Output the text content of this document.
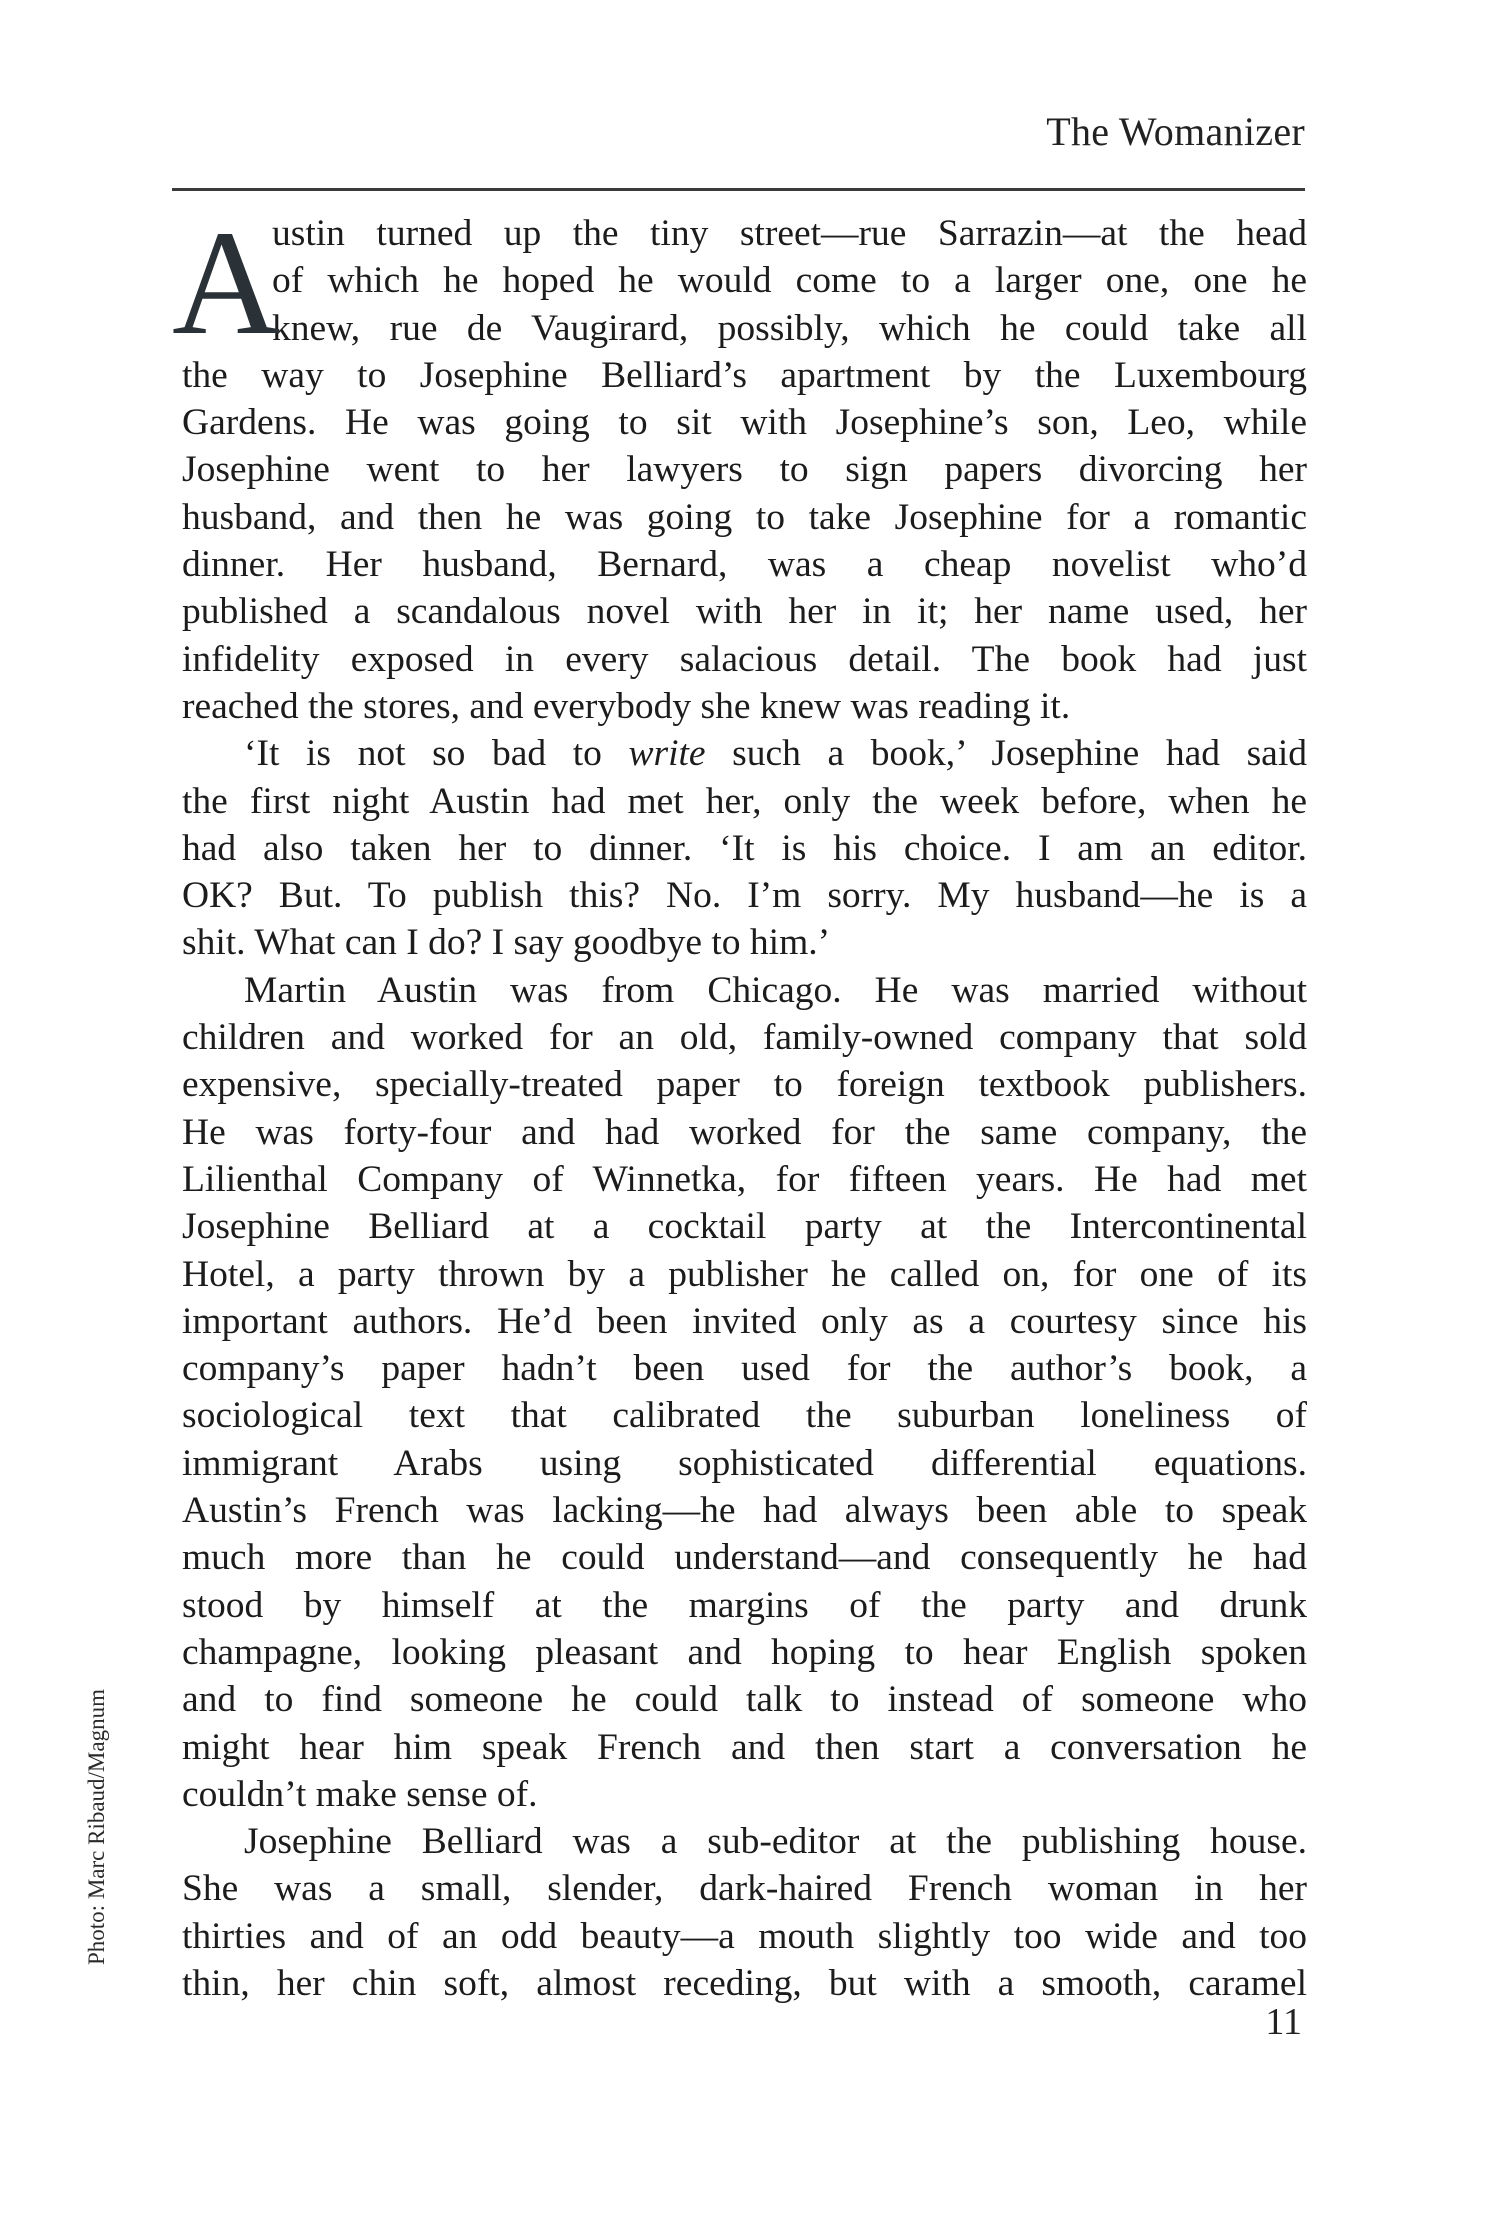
The Womanizer
A
ustin turned up the tiny street—rue Sarrazin—at the head
of which he hoped he would come to a larger one, one he
knew, rue de Vaugirard, possibly, which he could take all
the way to Josephine Belliard’s apartment by the Luxembourg
Gardens. He was going to sit with Josephine’s son, Leo, while
Josephine went to her lawyers to sign papers divorcing her
husband, and then he was going to take Josephine for a romantic
dinner. Her husband, Bernard, was a cheap novelist who’d
published a scandalous novel with her in it; her name used, her
infidelity exposed in every salacious detail. The book had just
reached the stores, and everybody she knew was reading it.
‘It is not so bad to write such a book,’ Josephine had said
the first night Austin had met her, only the week before, when he
had also taken her to dinner. ‘It is his choice. I am an editor.
OK? But. To publish this? No. I’m sorry. My husband—he is a
shit. What can I do? I say goodbye to him.’
Martin Austin was from Chicago. He was married without
children and worked for an old, family-owned company that sold
expensive, specially-treated paper to foreign textbook publishers.
He was forty-four and had worked for the same company, the
Lilienthal Company of Winnetka, for fifteen years. He had met
Josephine Belliard at a cocktail party at the Intercontinental
Hotel, a party thrown by a publisher he called on, for one of its
important authors. He’d been invited only as a courtesy since his
company’s paper hadn’t been used for the author’s book, a
sociological text that calibrated the suburban loneliness of
immigrant Arabs using sophisticated differential equations.
Austin’s French was lacking—he had always been able to speak
much more than he could understand—and consequently he had
stood by himself at the margins of the party and drunk
champagne, looking pleasant and hoping to hear English spoken
and to find someone he could talk to instead of someone who
might hear him speak French and then start a conversation he
couldn’t make sense of.
Josephine Belliard was a sub-editor at the publishing house.
She was a small, slender, dark-haired French woman in her
thirties and of an odd beauty—a mouth slightly too wide and too
thin, her chin soft, almost receding, but with a smooth, caramel
Photo: Marc Ribaud/Magnum
11
